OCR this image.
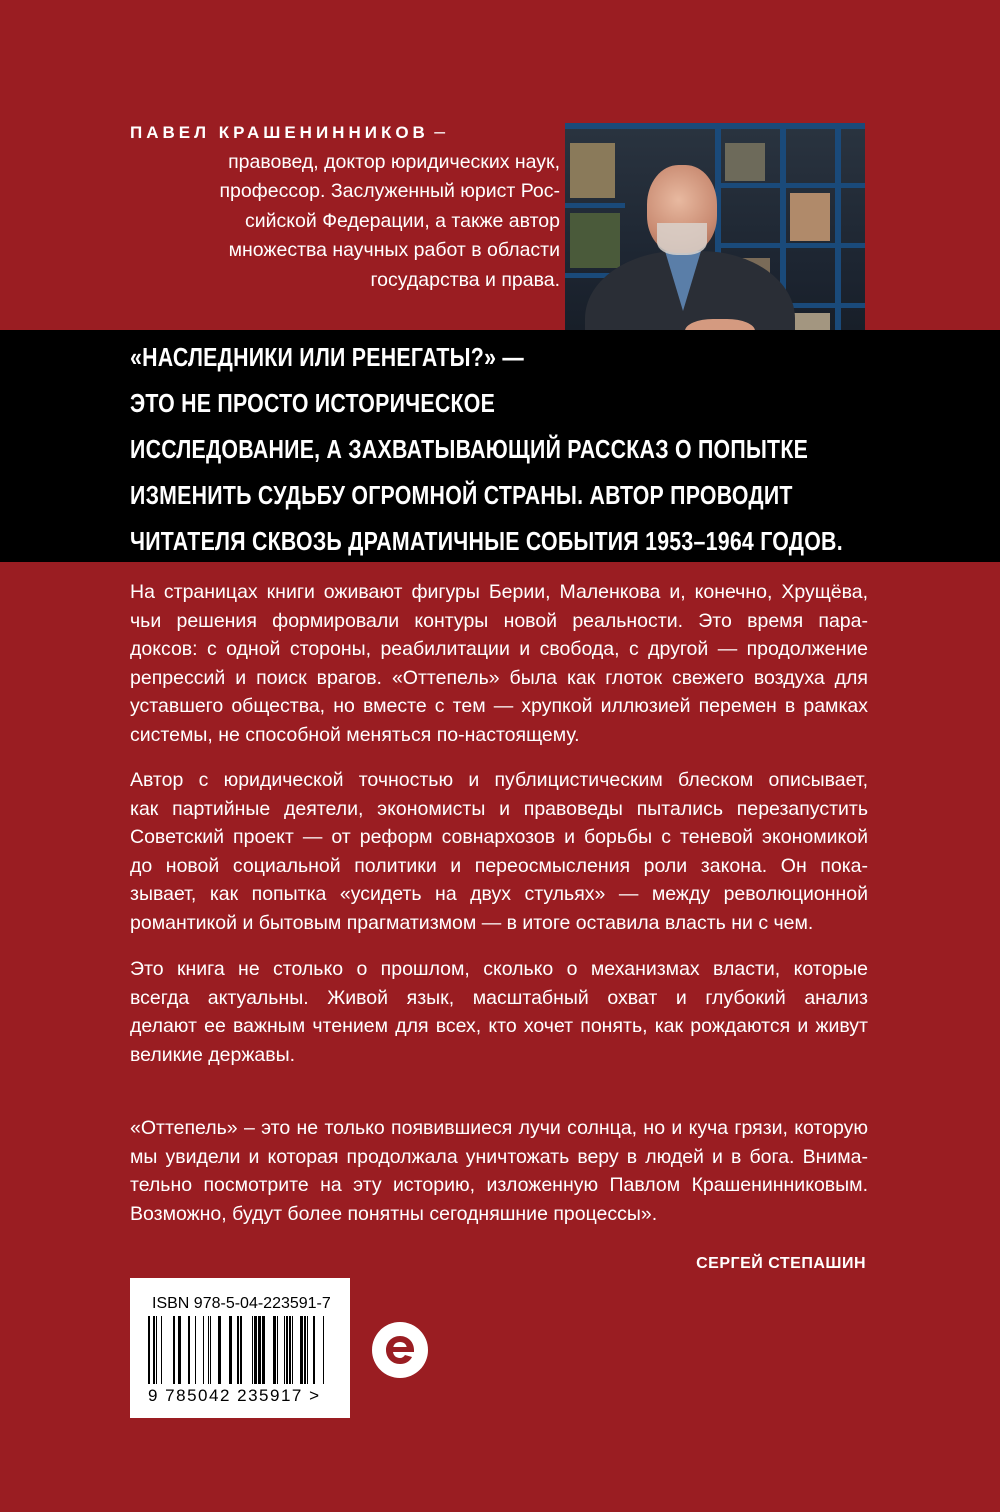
ПАВЕЛ КРАШЕНИННИКОВ –
правовед, доктор юридических наук,
профессор. Заслуженный юрист Рос-
сийской Федерации, а также автор
множества научных работ в области
государства и права.
«НАСЛЕДНИКИ ИЛИ РЕНЕГАТЫ?» —
ЭТО НЕ ПРОСТО ИСТОРИЧЕСКОЕ
ИССЛЕДОВАНИЕ, А ЗАХВАТЫВАЮЩИЙ РАССКАЗ О ПОПЫТКЕ
ИЗМЕНИТЬ СУДЬБУ ОГРОМНОЙ СТРАНЫ. АВТОР ПРОВОДИТ
ЧИТАТЕЛЯ СКВОЗЬ ДРАМАТИЧНЫЕ СОБЫТИЯ 1953–1964 ГОДОВ.
На страницах книги оживают фигуры Берии, Маленкова и, конечно, Хрущёва,
чьи решения формировали контуры новой реальности. Это время пара-
доксов: с одной стороны, реабилитации и свобода, с другой — продолжение
репрессий и поиск врагов. «Оттепель» была как глоток свежего воздуха для
уставшего общества, но вместе с тем — хрупкой иллюзией перемен в рамках
системы, не способной меняться по-настоящему.
Автор с юридической точностью и публицистическим блеском описывает,
как партийные деятели, экономисты и правоведы пытались перезапустить
Советский проект — от реформ совнархозов и борьбы с теневой экономикой
до новой социальной политики и переосмысления роли закона. Он пока-
зывает, как попытка «усидеть на двух стульях» — между революционной
романтикой и бытовым прагматизмом — в итоге оставила власть ни с чем.
Это книга не столько о прошлом, сколько о механизмах власти, которые
всегда актуальны. Живой язык, масштабный охват и глубокий анализ
делают ее важным чтением для всех, кто хочет понять, как рождаются и живут
великие державы.
«Оттепель» – это не только появившиеся лучи солнца, но и куча грязи, которую
мы увидели и которая продолжала уничтожать веру в людей и в бога. Внима-
тельно посмотрите на эту историю, изложенную Павлом Крашенинниковым.
Возможно, будут более понятны сегодняшние процессы».
СЕРГЕЙ СТЕПАШИН
ISBN 978-5-04-223591-7
9 785042 235917 >
